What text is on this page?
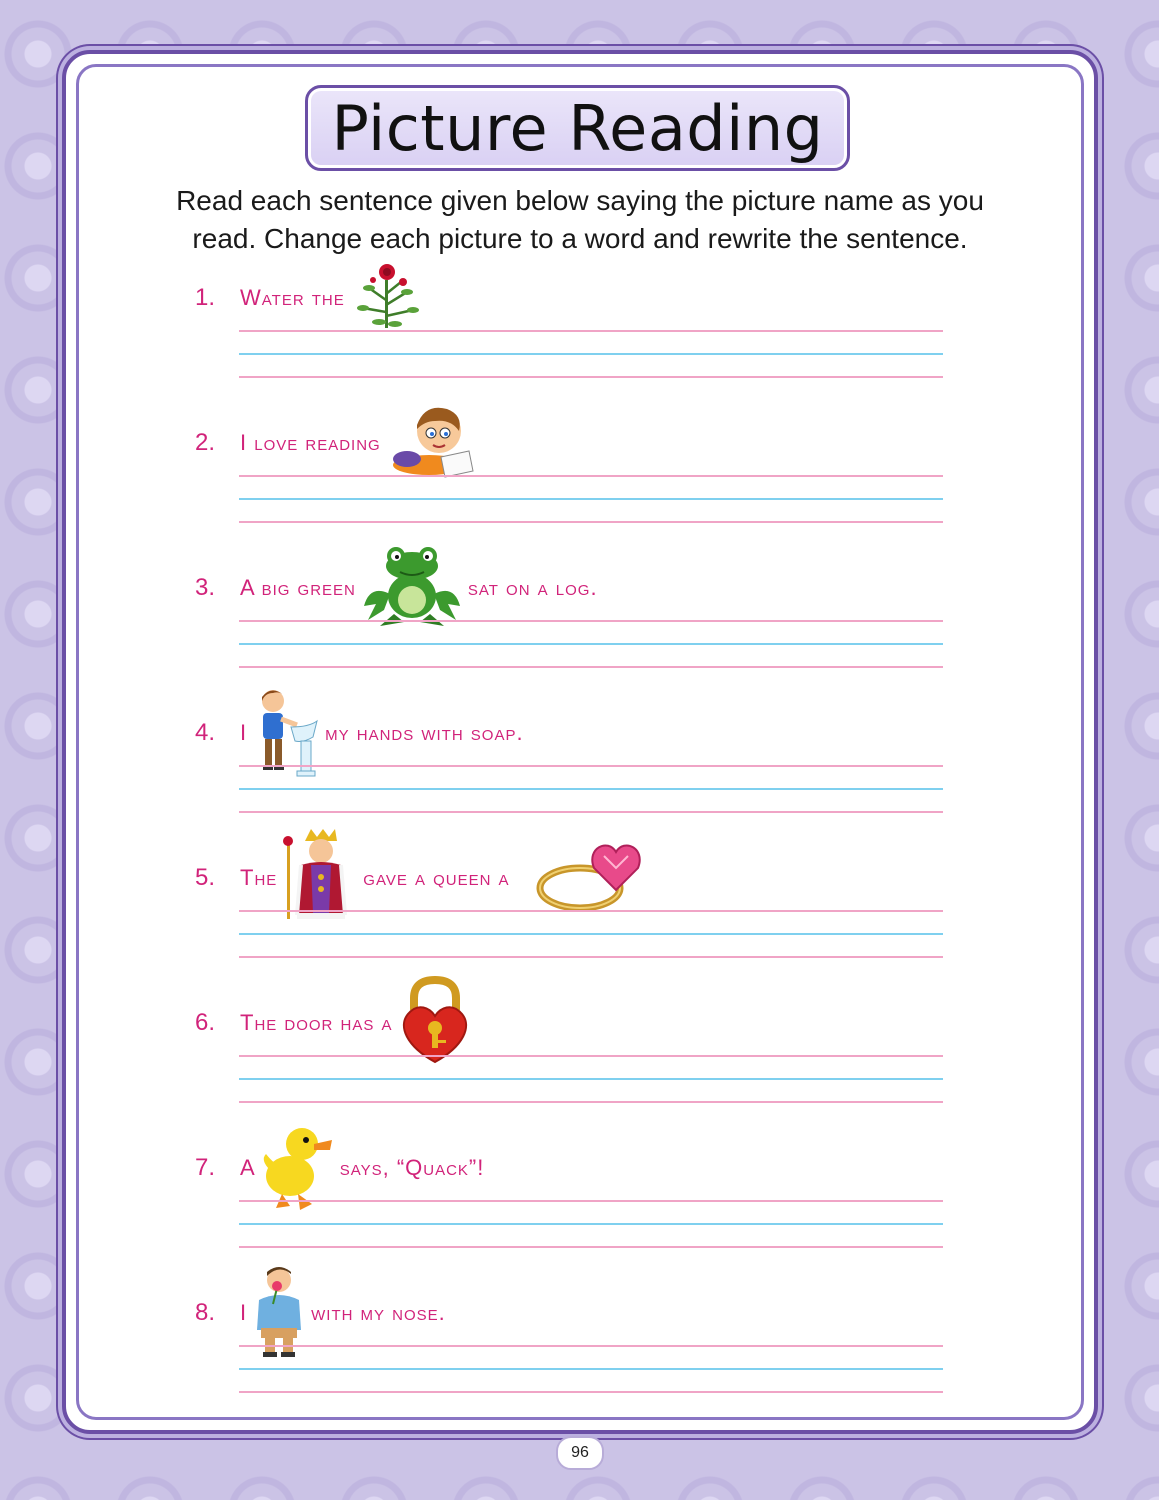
Picture Reading
Read each sentence given below saying the picture name as you
read. Change each picture to a word and rewrite the sentence.
1.	Water the
2.	I love reading
3.	A big green	sat on a log.
4.	I	my hands with soap.
5.	The	gave a queen a
6.	The door has a
7.	A	says, “Quack”!
8.	I	with my nose.
96
